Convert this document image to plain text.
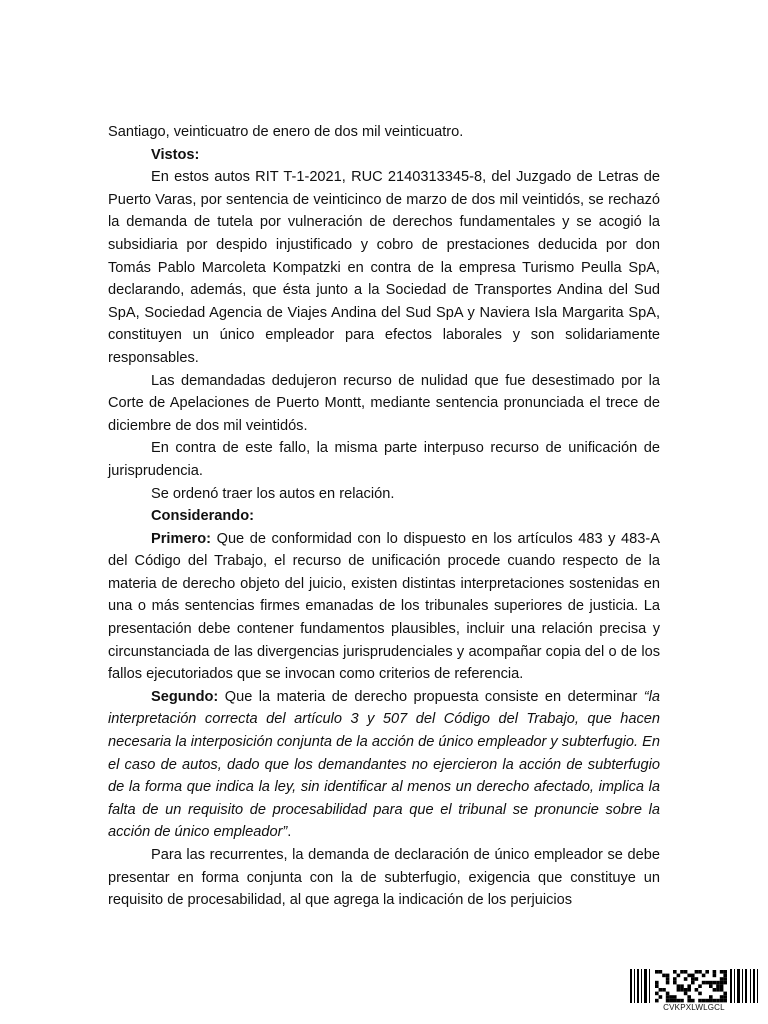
Santiago, veinticuatro de enero de dos mil veinticuatro.

Vistos:

En estos autos RIT T-1-2021, RUC 2140313345-8, del Juzgado de Letras de Puerto Varas, por sentencia de veinticinco de marzo de dos mil veintidós, se rechazó la demanda de tutela por vulneración de derechos fundamentales y se acogió la subsidiaria por despido injustificado y cobro de prestaciones deducida por don Tomás Pablo Marcoleta Kompatzki en contra de la empresa Turismo Peulla SpA, declarando, además, que ésta junto a la Sociedad de Transportes Andina del Sud SpA, Sociedad Agencia de Viajes Andina del Sud SpA y Naviera Isla Margarita SpA, constituyen un único empleador para efectos laborales y son solidariamente responsables.

Las demandadas dedujeron recurso de nulidad que fue desestimado por la Corte de Apelaciones de Puerto Montt, mediante sentencia pronunciada el trece de diciembre de dos mil veintidós.

En contra de este fallo, la misma parte interpuso recurso de unificación de jurisprudencia.

Se ordenó traer los autos en relación.

Considerando:

Primero: Que de conformidad con lo dispuesto en los artículos 483 y 483-A del Código del Trabajo, el recurso de unificación procede cuando respecto de la materia de derecho objeto del juicio, existen distintas interpretaciones sostenidas en una o más sentencias firmes emanadas de los tribunales superiores de justicia. La presentación debe contener fundamentos plausibles, incluir una relación precisa y circunstanciada de las divergencias jurisprudenciales y acompañar copia del o de los fallos ejecutoriados que se invocan como criterios de referencia.

Segundo: Que la materia de derecho propuesta consiste en determinar “la interpretación correcta del artículo 3 y 507 del Código del Trabajo, que hacen necesaria la interposición conjunta de la acción de único empleador y subterfugio. En el caso de autos, dado que los demandantes no ejercieron la acción de subterfugio de la forma que indica la ley, sin identificar al menos un derecho afectado, implica la falta de un requisito de procesabilidad para que el tribunal se pronuncie sobre la acción de único empleador”.

Para las recurrentes, la demanda de declaración de único empleador se debe presentar en forma conjunta con la de subterfugio, exigencia que constituye un requisito de procesabilidad, al que agrega la indicación de los perjuicios

CVKPXLWLGCL
